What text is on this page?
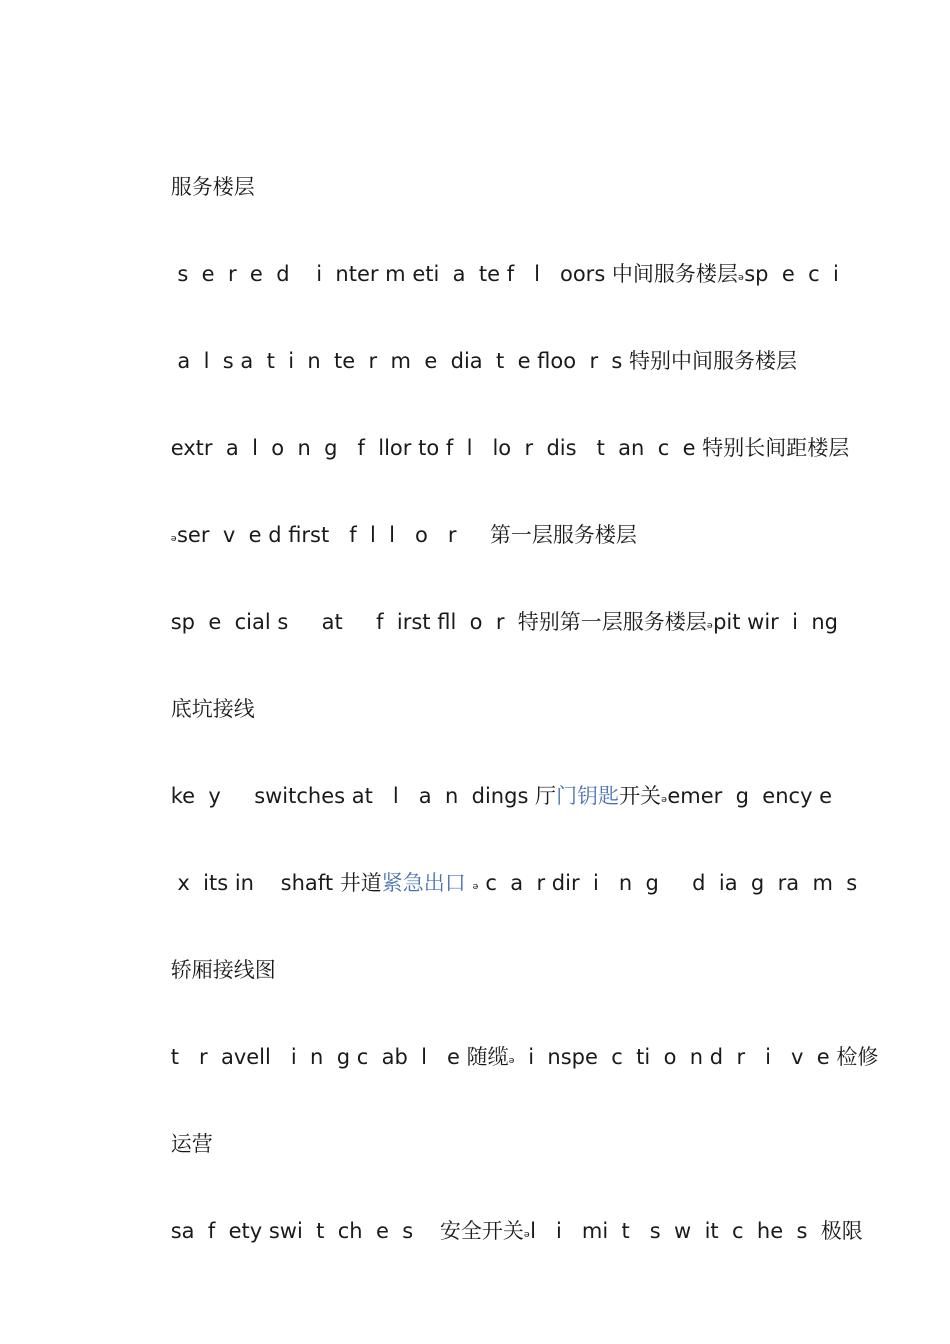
服务楼层

s  e  r  e  d    i  nter m eti  a  te f   l   oors 中间服务楼层ₔsp  e  c  i

a  l  s a  t  i  n  te  r  m  e  dia  t  e floo  r  s 特别中间服务楼层

extr  a  l  o  n  g   f  llor to f  l   lo  r  dis   t  an  c  e 特别长间距楼层

ₔser  v  e d first   f  l  l   o   r     第一层服务楼层

sp  e  cial s     at     f  irst fll  o  r  特别第一层服务楼层ₔpit wir  i  ng

底坑接线

ke  y     switches at   l   a  n  dings 厅门钥匙开关ₔemer  g  ency e

x  its in    shaft 井道紧急出口 ₔ c  a  r dir  i   n  g     d  ia  g  ra  m  s

轿厢接线图

t   r  avell   i  n  g c  ab  l   e 随缆ₔ  i  nspe  c  ti  o  n d  r   i   v  e 检修

运营

sa  f  ety swi  t  ch  e  s    安全开关ₔl   i   mi  t   s  w  it  c  he  s  极限
